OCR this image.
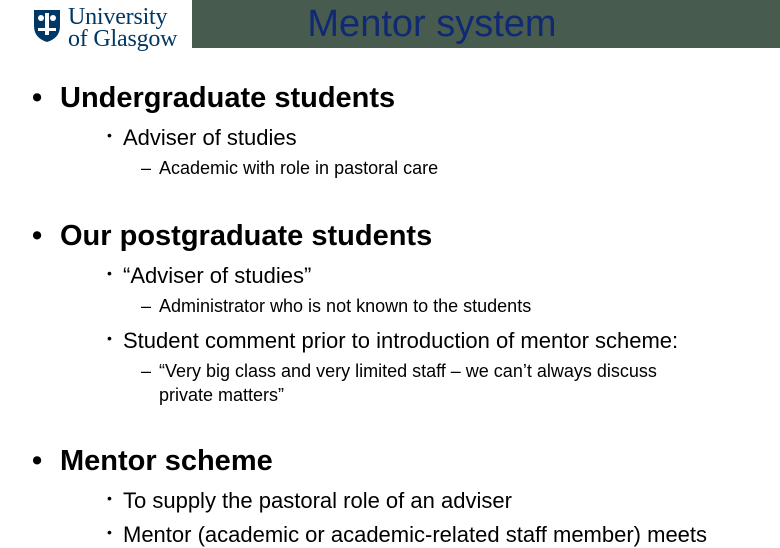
Mentor system
University
of Glasgow
• Undergraduate students
• Adviser of studies
– Academic with role in pastoral care
• Our postgraduate students
• “Adviser of studies”
– Administrator who is not known to the students
• Student comment prior to introduction of mentor scheme:
– “Very big class and very limited staff – we can’t always discuss
private matters”
• Mentor scheme
• To supply the pastoral role of an adviser
• Mentor (academic or academic-related staff member) meets
